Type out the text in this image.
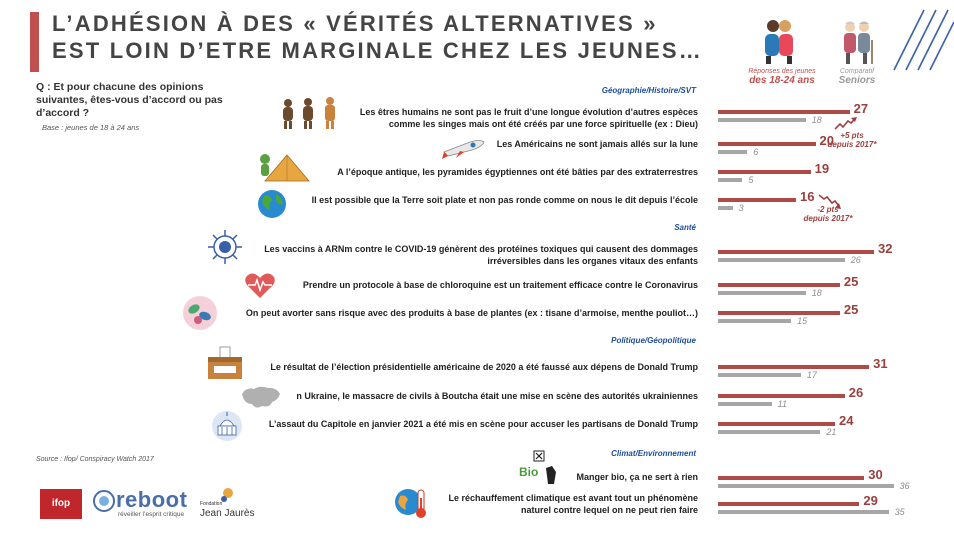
L’ADHÉSION À DES « VÉRITÉS ALTERNATIVES »
EST LOIN D’ETRE MARGINALE CHEZ LES JEUNES…
Réponses des jeunes
des 18-24 ans
Comparatif
Seniors
Q : Et pour chacune des opinions suivantes, êtes-vous d’accord ou pas d’accord ?
Base : jeunes de 18 à 24 ans
Source : Ifop/ Conspiracy Watch 2017
Géographie/Histoire/SVT
Santé
Politique/Géopolitique
Climat/Environnement
Les êtres humains ne sont pas le fruit d’une longue évolution d’autres espèces
comme les singes mais ont été créés par une force spirituelle (ex : Dieu)
Les Américains ne sont jamais allés sur la lune
A l’époque antique, les pyramides égyptiennes ont été bâties par des extraterrestres
Il est possible que la Terre soit plate et non pas ronde comme on nous le dit depuis l’école
Les vaccins à ARNm contre le COVID-19 génèrent des protéines toxiques qui causent des dommages
irréversibles dans les organes vitaux des enfants
Prendre un protocole à base de chloroquine est un traitement efficace contre le Coronavirus
On peut avorter sans risque avec des produits à base de plantes (ex : tisane d’armoise, menthe pouliot…)
Le résultat de l’élection présidentielle américaine de 2020 a été faussé aux dépens de Donald Trump
n Ukraine, le massacre de civils à Boutcha était une mise en scène des autorités ukrainiennes
L’assaut du Capitole en janvier 2021 a été mis en scène pour accuser les partisans de Donald Trump
Manger bio, ça ne sert à rien
Le réchauffement climatique est avant tout un phénomène
naturel contre lequel on ne peut rien faire
27
18
20
6
19
5
16
3
32
26
25
18
25
15
31
17
26
11
24
21
30
36
29
35
+5 pts
depuis 2017*
-2 pts
depuis 2017*
Bio
ifop	reboot
réveiller l’esprit critique
Fondation
Jean Jaurès
